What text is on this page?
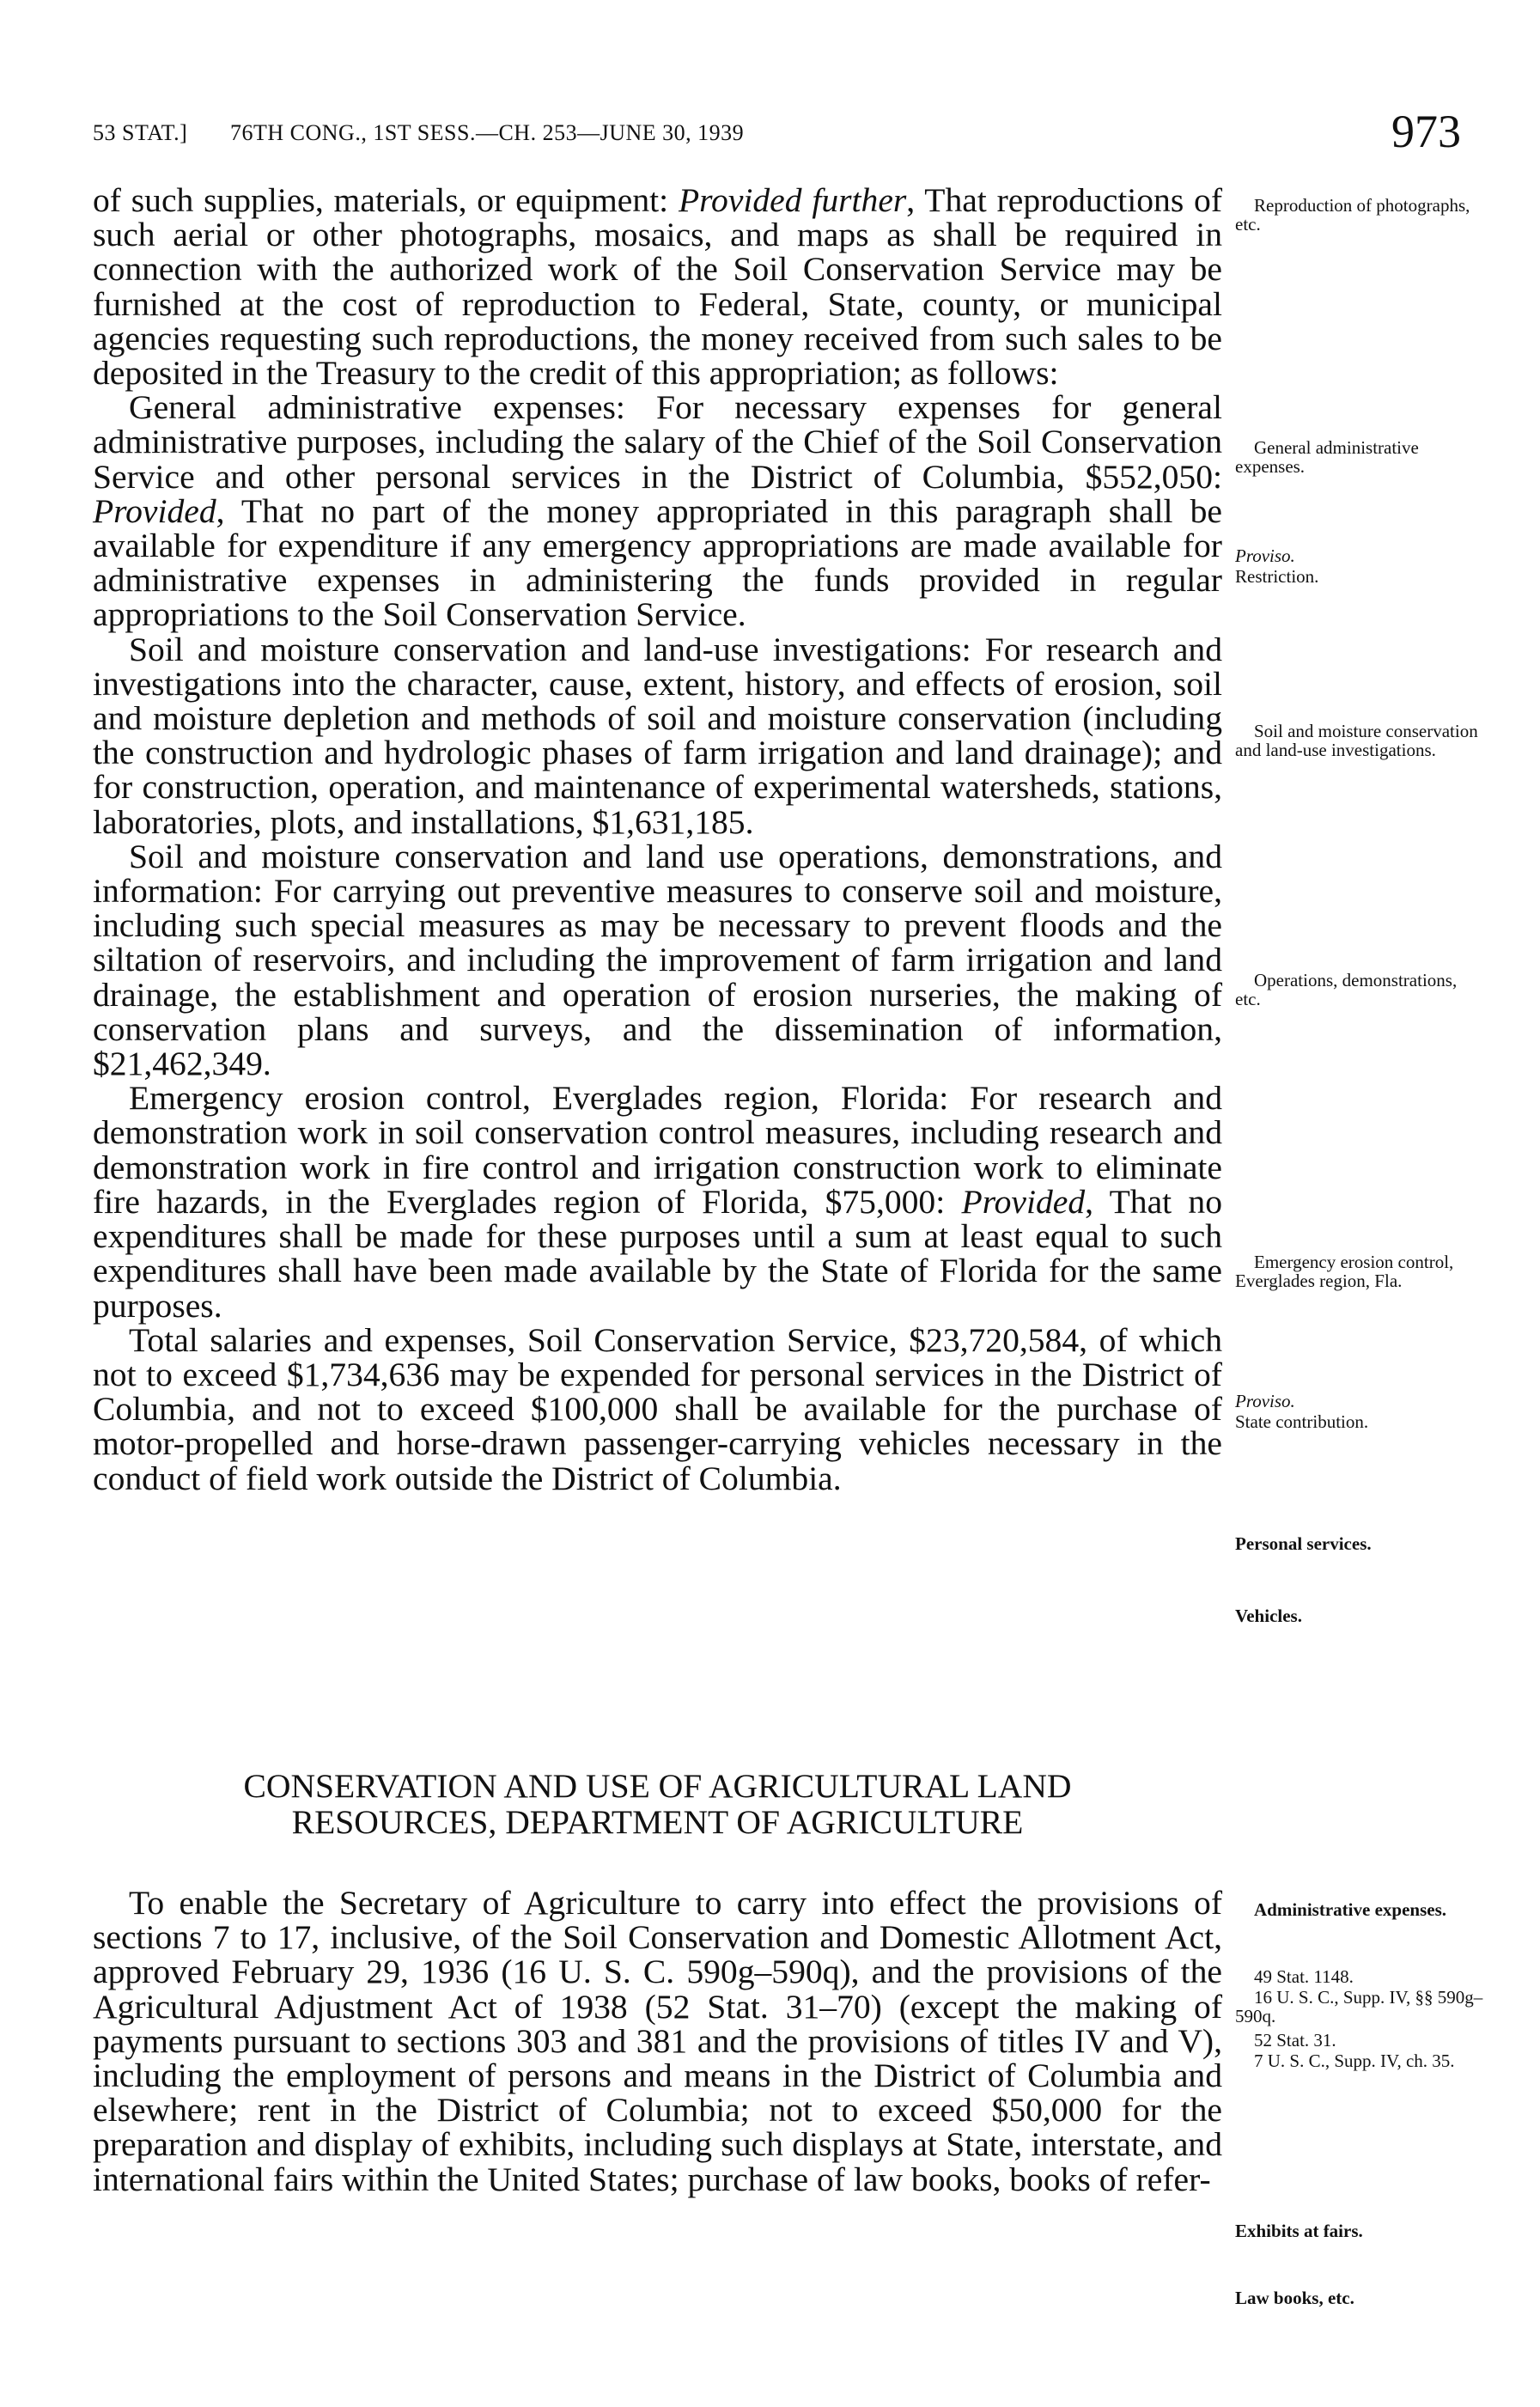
53 STAT.] 76TH CONG., 1ST SESS.—CH. 253—JUNE 30, 1939	973

of such supplies, materials, or equipment: Provided further, That reproductions of such aerial or other photographs, mosaics, and maps as shall be required in connection with the authorized work of the Soil Conservation Service may be furnished at the cost of reproduction to Federal, State, county, or municipal agencies requesting such reproductions, the money received from such sales to be deposited in the Treasury to the credit of this appropriation; as follows:

General administrative expenses: For necessary expenses for general administrative purposes, including the salary of the Chief of the Soil Conservation Service and other personal services in the District of Columbia, $552,050: Provided, That no part of the money appropriated in this paragraph shall be available for expenditure if any emergency appropriations are made available for administrative expenses in administering the funds provided in regular appropriations to the Soil Conservation Service.

Soil and moisture conservation and land-use investigations: For research and investigations into the character, cause, extent, history, and effects of erosion, soil and moisture depletion and methods of soil and moisture conservation (including the construction and hydrologic phases of farm irrigation and land drainage); and for construction, operation, and maintenance of experimental watersheds, stations, laboratories, plots, and installations, $1,631,185.

Soil and moisture conservation and land use operations, demonstrations, and information: For carrying out preventive measures to conserve soil and moisture, including such special measures as may be necessary to prevent floods and the siltation of reservoirs, and including the improvement of farm irrigation and land drainage, the establishment and operation of erosion nurseries, the making of conservation plans and surveys, and the dissemination of information, $21,462,349.

Emergency erosion control, Everglades region, Florida: For research and demonstration work in soil conservation control measures, including research and demonstration work in fire control and irrigation construction work to eliminate fire hazards, in the Everglades region of Florida, $75,000: Provided, That no expenditures shall be made for these purposes until a sum at least equal to such expenditures shall have been made available by the State of Florida for the same purposes.

Total salaries and expenses, Soil Conservation Service, $23,720,584, of which not to exceed $1,734,636 may be expended for personal services in the District of Columbia, and not to exceed $100,000 shall be available for the purchase of motor-propelled and horse-drawn passenger-carrying vehicles necessary in the conduct of field work outside the District of Columbia.

CONSERVATION AND USE OF AGRICULTURAL LAND
RESOURCES, DEPARTMENT OF AGRICULTURE

To enable the Secretary of Agriculture to carry into effect the provisions of sections 7 to 17, inclusive, of the Soil Conservation and Domestic Allotment Act, approved February 29, 1936 (16 U. S. C. 590g–590q), and the provisions of the Agricultural Adjustment Act of 1938 (52 Stat. 31–70) (except the making of payments pursuant to sections 303 and 381 and the provisions of titles IV and V), including the employment of persons and means in the District of Columbia and elsewhere; rent in the District of Columbia; not to exceed $50,000 for the preparation and display of exhibits, including such displays at State, interstate, and international fairs within the United States; purchase of law books, books of refer-

Reproduction of photographs, etc.
General administrative expenses.
Proviso.
Restriction.
Soil and moisture conservation and land-use investigations.
Operations, demonstrations, etc.
Emergency erosion control, Everglades region, Fla.
Proviso.
State contribution.
Personal services.
Vehicles.
Administrative expenses.
49 Stat. 1148.
16 U. S. C., Supp. IV, §§ 590g–590q.
52 Stat. 31.
7 U. S. C., Supp. IV, ch. 35.
Exhibits at fairs.
Law books, etc.
